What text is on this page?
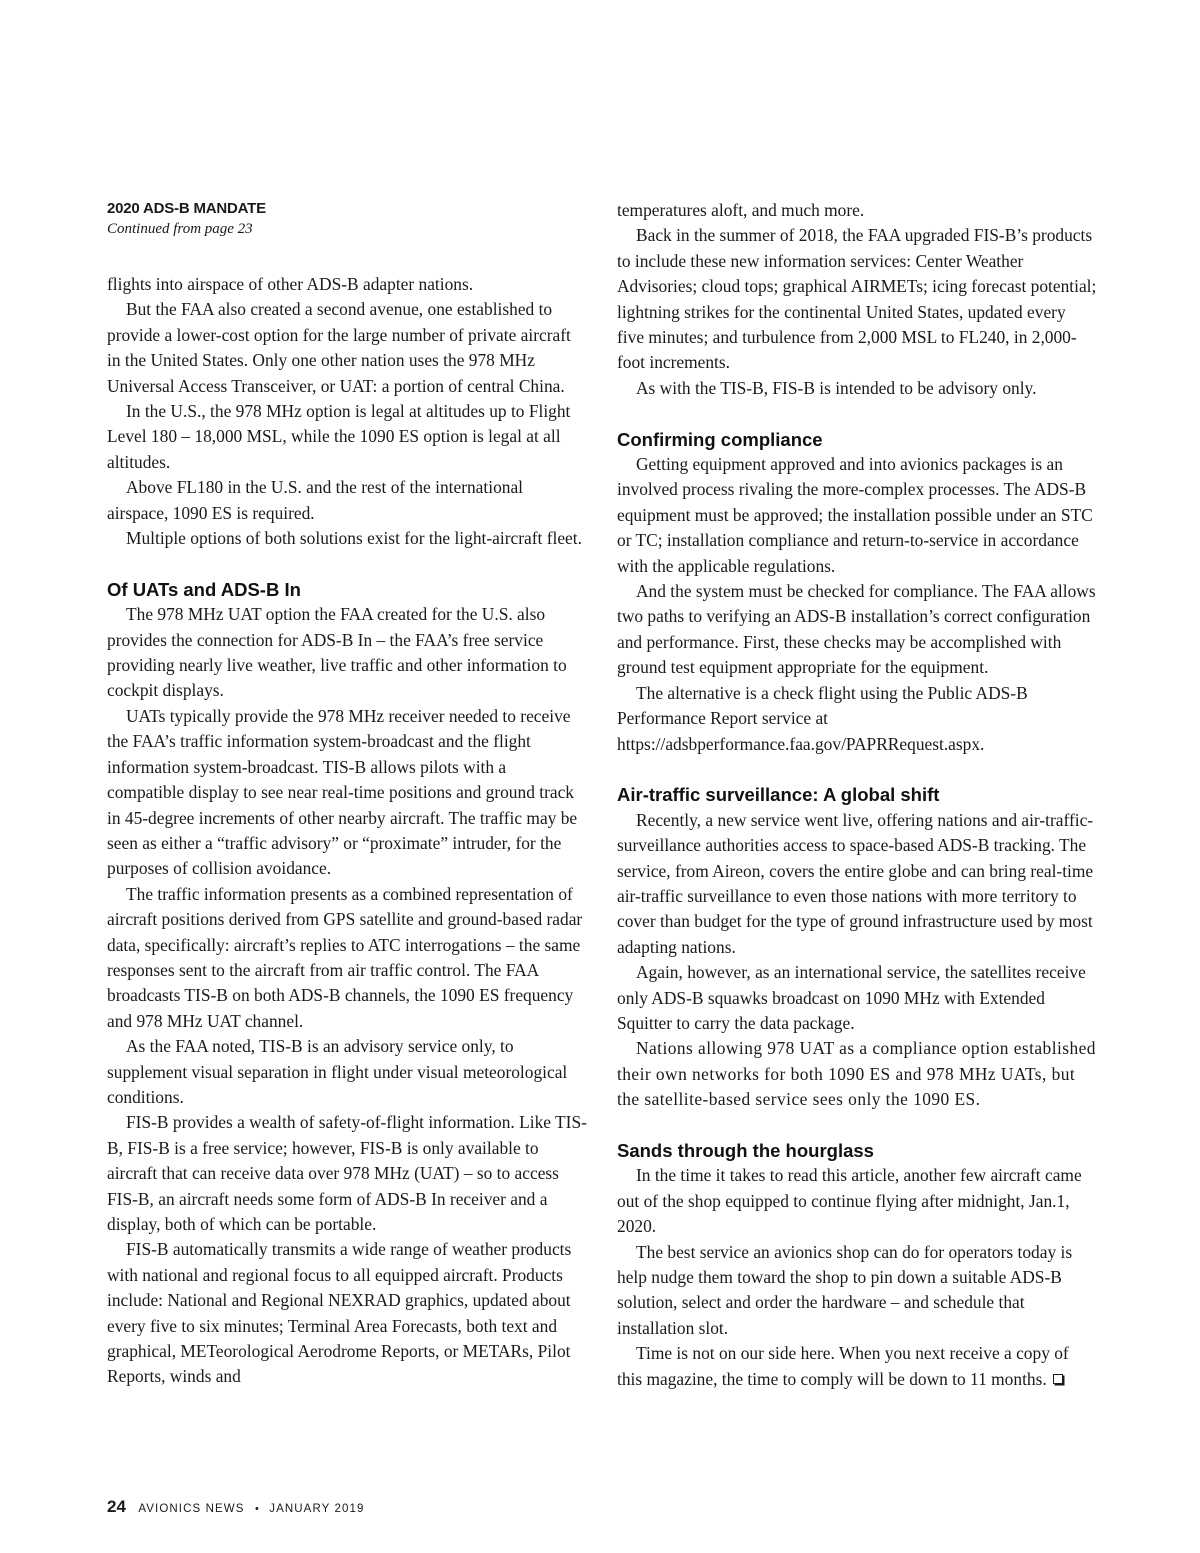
2020 ADS-B MANDATE
Continued from page 23

flights into airspace of other ADS-B adapter nations.

But the FAA also created a second avenue, one established to provide a lower-cost option for the large number of private aircraft in the United States. Only one other nation uses the 978 MHz Universal Access Transceiver, or UAT: a portion of central China.

In the U.S., the 978 MHz option is legal at altitudes up to Flight Level 180 – 18,000 MSL, while the 1090 ES option is legal at all altitudes.

Above FL180 in the U.S. and the rest of the international airspace, 1090 ES is required.

Multiple options of both solutions exist for the light-aircraft fleet.

Of UATs and ADS-B In

The 978 MHz UAT option the FAA created for the U.S. also provides the connection for ADS-B In – the FAA’s free service providing nearly live weather, live traffic and other information to cockpit displays.

UATs typically provide the 978 MHz receiver needed to receive the FAA’s traffic information system-broadcast and the flight information system-broadcast. TIS-B allows pilots with a compatible display to see near real-time positions and ground track in 45-degree increments of other nearby aircraft. The traffic may be seen as either a “traffic advisory” or “proximate” intruder, for the purposes of collision avoidance.

The traffic information presents as a combined representation of aircraft positions derived from GPS satellite and ground-based radar data, specifically: aircraft’s replies to ATC interrogations – the same responses sent to the aircraft from air traffic control. The FAA broadcasts TIS-B on both ADS-B channels, the 1090 ES frequency and 978 MHz UAT channel.

As the FAA noted, TIS-B is an advisory service only, to supplement visual separation in flight under visual meteorological conditions.

FIS-B provides a wealth of safety-of-flight information. Like TIS-B, FIS-B is a free service; however, FIS-B is only available to aircraft that can receive data over 978 MHz (UAT) – so to access FIS-B, an aircraft needs some form of ADS-B In receiver and a display, both of which can be portable.

FIS-B automatically transmits a wide range of weather products with national and regional focus to all equipped aircraft. Products include: National and Regional NEXRAD graphics, updated about every five to six minutes; Terminal Area Forecasts, both text and graphical, METeorological Aerodrome Reports, or METARs, Pilot Reports, winds and

temperatures aloft, and much more.

Back in the summer of 2018, the FAA upgraded FIS-B’s products to include these new information services: Center Weather Advisories; cloud tops; graphical AIRMETs; icing forecast potential; lightning strikes for the continental United States, updated every five minutes; and turbulence from 2,000 MSL to FL240, in 2,000-foot increments.

As with the TIS-B, FIS-B is intended to be advisory only.

Confirming compliance

Getting equipment approved and into avionics packages is an involved process rivaling the more-complex processes. The ADS-B equipment must be approved; the installation possible under an STC or TC; installation compliance and return-to-service in accordance with the applicable regulations.

And the system must be checked for compliance. The FAA allows two paths to verifying an ADS-B installation’s correct configuration and performance. First, these checks may be accomplished with ground test equipment appropriate for the equipment.

The alternative is a check flight using the Public ADS-B Performance Report service at https://adsbperformance.faa.gov/PAPRRequest.aspx.

Air-traffic surveillance: A global shift

Recently, a new service went live, offering nations and air-traffic-surveillance authorities access to space-based ADS-B tracking. The service, from Aireon, covers the entire globe and can bring real-time air-traffic surveillance to even those nations with more territory to cover than budget for the type of ground infrastructure used by most adapting nations.

Again, however, as an international service, the satellites receive only ADS-B squawks broadcast on 1090 MHz with Extended Squitter to carry the data package.

Nations allowing 978 UAT as a compliance option established their own networks for both 1090 ES and 978 MHz UATs, but the satellite-based service sees only the 1090 ES.

Sands through the hourglass

In the time it takes to read this article, another few aircraft came out of the shop equipped to continue flying after midnight, Jan.1, 2020.

The best service an avionics shop can do for operators today is help nudge them toward the shop to pin down a suitable ADS-B solution, select and order the hardware – and schedule that installation slot.

Time is not on our side here. When you next receive a copy of this magazine, the time to comply will be down to 11 months.

24 AVIONICS NEWS • JANUARY 2019
